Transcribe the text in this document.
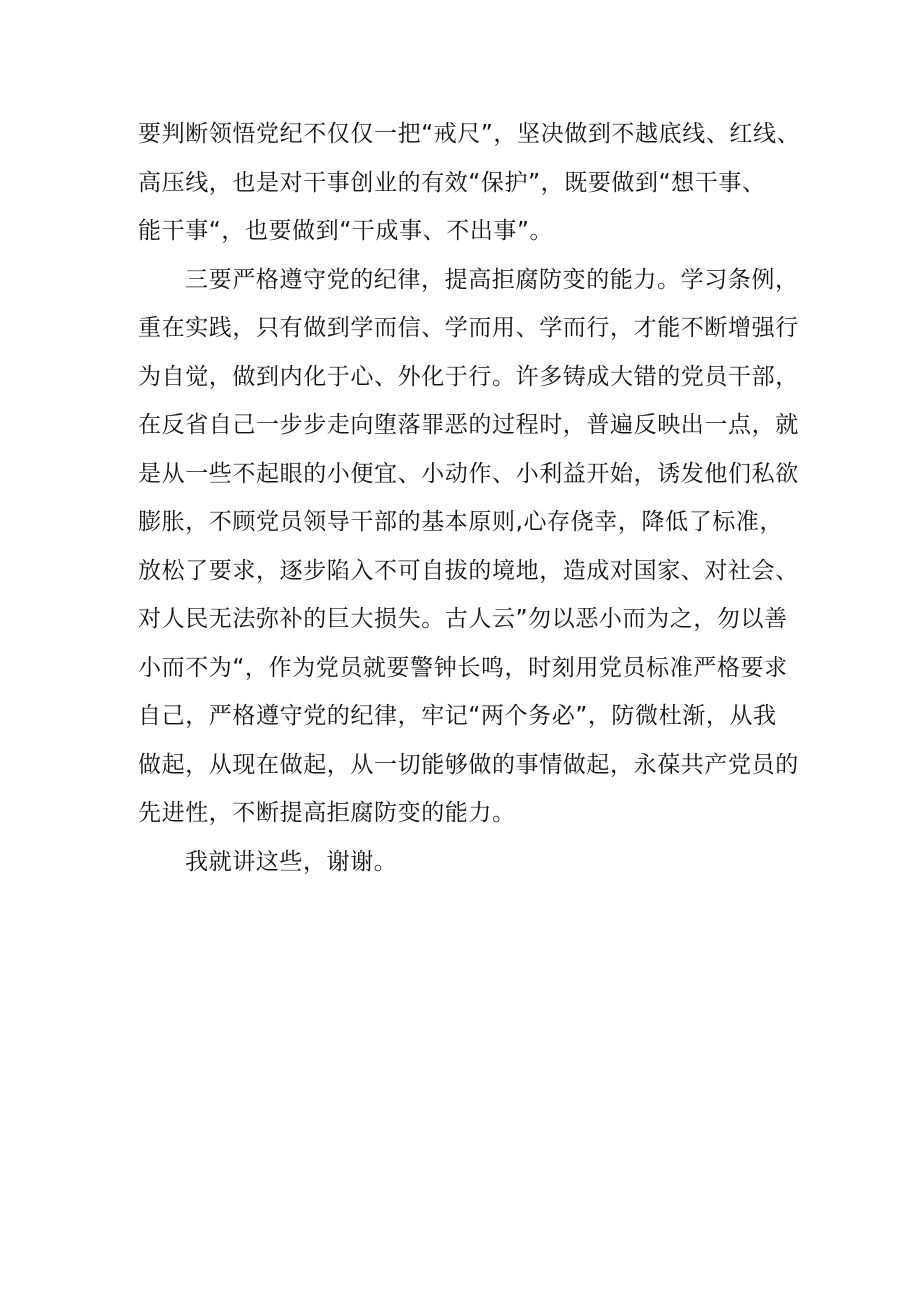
要判断领悟党纪不仅仅一把“戒尺”，坚决做到不越底线、红线、
高压线，也是对干事创业的有效“保护”，既要做到“想干事、
能干事“，也要做到“干成事、不出事”。
三要严格遵守党的纪律，提高拒腐防变的能力。学习条例，
重在实践，只有做到学而信、学而用、学而行，才能不断增强行
为自觉，做到内化于心、外化于行。许多铸成大错的党员干部，
在反省自己一步步走向堕落罪恶的过程时，普遍反映出一点，就
是从一些不起眼的小便宜、小动作、小利益开始，诱发他们私欲
膨胀，不顾党员领导干部的基本原则,心存侥幸，降低了标准，
放松了要求，逐步陷入不可自拔的境地，造成对国家、对社会、
对人民无法弥补的巨大损失。古人云”勿以恶小而为之，勿以善
小而不为“，作为党员就要警钟长鸣，时刻用党员标准严格要求
自己，严格遵守党的纪律，牢记“两个务必”，防微杜渐，从我
做起，从现在做起，从一切能够做的事情做起，永葆共产党员的
先进性，不断提高拒腐防变的能力。
我就讲这些，谢谢。
